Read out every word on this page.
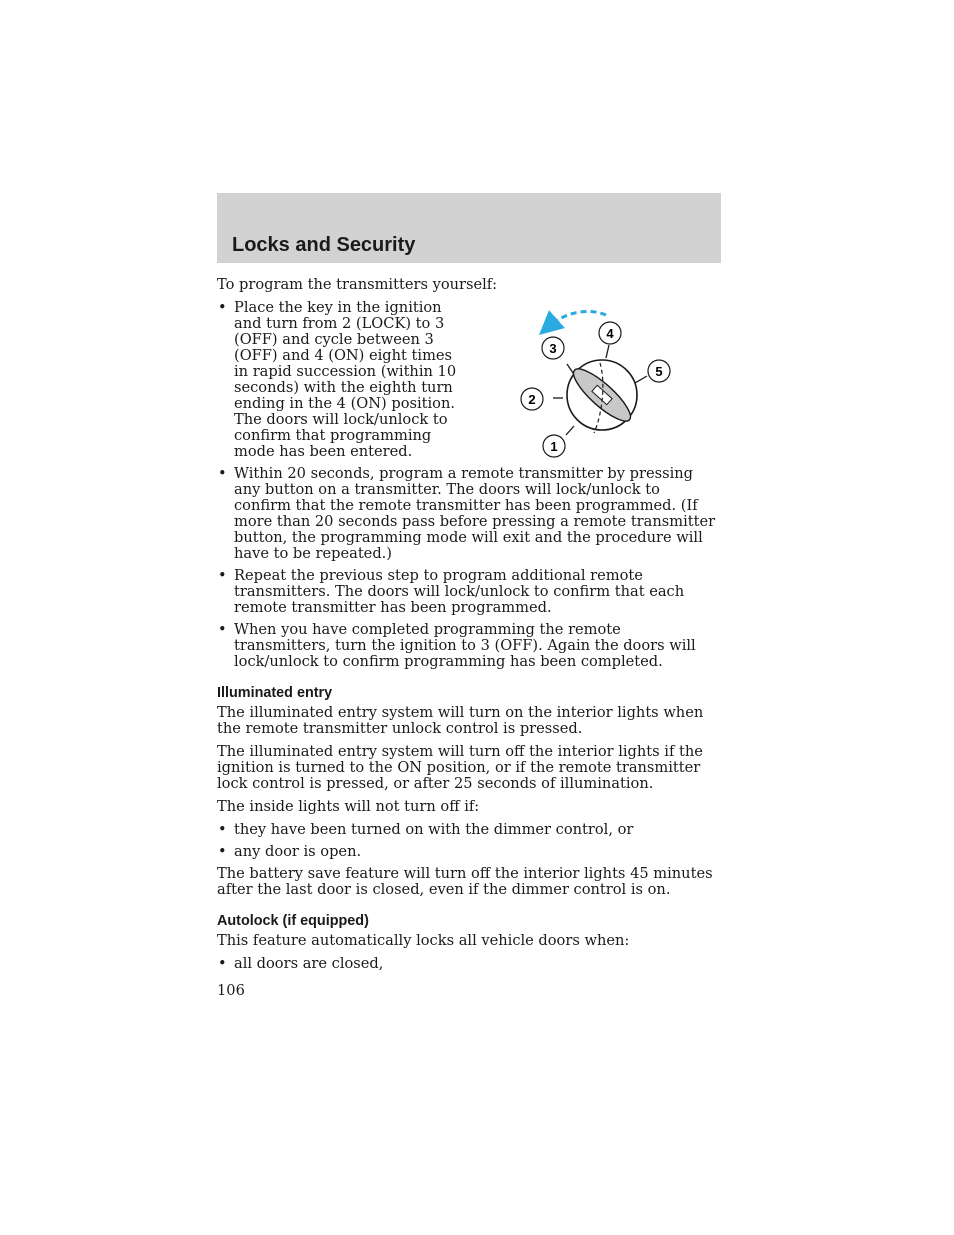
Locks and Security

To program the transmitters yourself:

• Place the key in the ignition and turn from 2 (LOCK) to 3 (OFF) and cycle between 3 (OFF) and 4 (ON) eight times in rapid succession (within 10 seconds) with the eighth turn ending in the 4 (ON) position. The doors will lock/unlock to confirm that programming mode has been entered.
• Within 20 seconds, program a remote transmitter by pressing any button on a transmitter. The doors will lock/unlock to confirm that the remote transmitter has been programmed. (If more than 20 seconds pass before pressing a remote transmitter button, the programming mode will exit and the procedure will have to be repeated.)
• Repeat the previous step to program additional remote transmitters. The doors will lock/unlock to confirm that each remote transmitter has been programmed.
• When you have completed programming the remote transmitters, turn the ignition to 3 (OFF). Again the doors will lock/unlock to confirm programming has been completed.
Illuminated entry

The illuminated entry system will turn on the interior lights when the remote transmitter unlock control is pressed.

The illuminated entry system will turn off the interior lights if the ignition is turned to the ON position, or if the remote transmitter lock control is pressed, or after 25 seconds of illumination.

The inside lights will not turn off if:

• they have been turned on with the dimmer control, or
• any door is open.

The battery save feature will turn off the interior lights 45 minutes after the last door is closed, even if the dimmer control is on.

Autolock (if equipped)

This feature automatically locks all vehicle doors when:

• all doors are closed,
3
4
5
2
1
106
